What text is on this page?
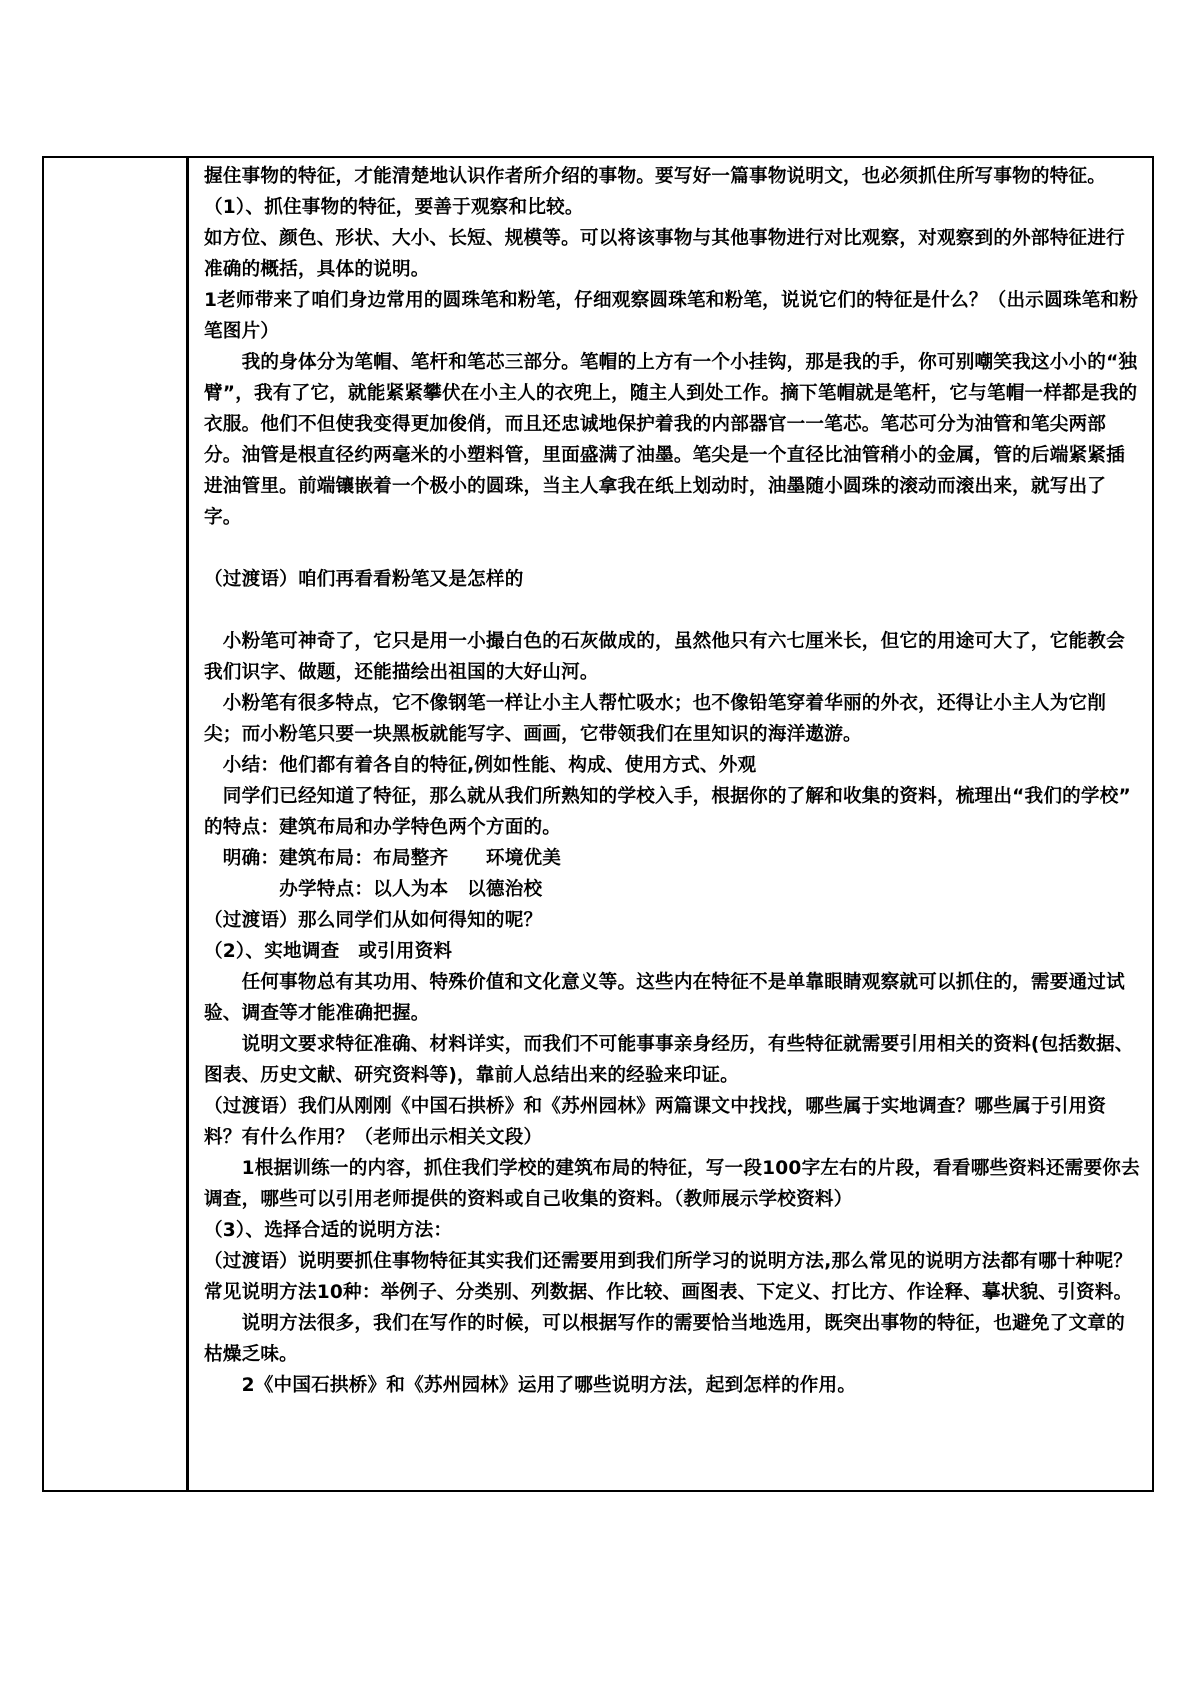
握住事物的特征，才能清楚地认识作者所介绍的事物。要写好一篇事物说明文，也必须抓住所写事物的特征。

（1）、抓住事物的特征，要善于观察和比较。

如方位、颜色、形状、大小、长短、规模等。可以将该事物与其他事物进行对比观察，对观察到的外部特征进行准确的概括，具体的说明。

1老师带来了咱们身边常用的圆珠笔和粉笔，仔细观察圆珠笔和粉笔，说说它们的特征是什么？（出示圆珠笔和粉笔图片）

　　我的身体分为笔帽、笔杆和笔芯三部分。笔帽的上方有一个小挂钩，那是我的手，你可别嘲笑我这小小的“独臂”，我有了它，就能紧紧攀伏在小主人的衣兜上，随主人到处工作。摘下笔帽就是笔杆，它与笔帽一样都是我的衣服。他们不但使我变得更加俊俏，而且还忠诚地保护着我的内部器官一一笔芯。笔芯可分为油管和笔尖两部分。油管是根直径约两毫米的小塑料管，里面盛满了油墨。笔尖是一个直径比油管稍小的金属，管的后端紧紧插进油管里。前端镶嵌着一个极小的圆珠，当主人拿我在纸上划动时，油墨随小圆珠的滚动而滚出来，就写出了字。

（过渡语）咱们再看看粉笔又是怎样的

　小粉笔可神奇了，它只是用一小撮白色的石灰做成的，虽然他只有六七厘米长，但它的用途可大了，它能教会我们识字、做题，还能描绘出祖国的大好山河。

　小粉笔有很多特点，它不像钢笔一样让小主人帮忙吸水；也不像铅笔穿着华丽的外衣，还得让小主人为它削尖；而小粉笔只要一块黑板就能写字、画画，它带领我们在里知识的海洋遨游。

　小结：他们都有着各自的特征,例如性能、构成、使用方式、外观

　同学们已经知道了特征，那么就从我们所熟知的学校入手，根据你的了解和收集的资料，梳理出“我们的学校”　的特点：建筑布局和办学特色两个方面的。

　明确：建筑布局：布局整齐　　环境优美

　　　　办学特点：以人为本　以德治校

（过渡语）那么同学们从如何得知的呢？

（2）、实地调查　或引用资料

　　任何事物总有其功用、特殊价值和文化意义等。这些内在特征不是单靠眼睛观察就可以抓住的，需要通过试验、调查等才能准确把握。

　　说明文要求特征准确、材料详实，而我们不可能事事亲身经历，有些特征就需要引用相关的资料(包括数据、图表、历史文献、研究资料等)，靠前人总结出来的经验来印证。

（过渡语）我们从刚刚《中国石拱桥》和《苏州园林》两篇课文中找找，哪些属于实地调查？哪些属于引用资料？有什么作用？（老师出示相关文段）

　　1根据训练一的内容，抓住我们学校的建筑布局的特征，写一段100字左右的片段，看看哪些资料还需要你去调查，哪些可以引用老师提供的资料或自己收集的资料。（教师展示学校资料）

（3）、选择合适的说明方法：

（过渡语）说明要抓住事物特征其实我们还需要用到我们所学习的说明方法,那么常见的说明方法都有哪十种呢？

常见说明方法10种：举例子、分类别、列数据、作比较、画图表、下定义、打比方、作诠释、摹状貌、引资料。

　　说明方法很多，我们在写作的时候，可以根据写作的需要恰当地选用，既突出事物的特征，也避免了文章的枯燥乏味。

　　2《中国石拱桥》和《苏州园林》运用了哪些说明方法，起到怎样的作用。
